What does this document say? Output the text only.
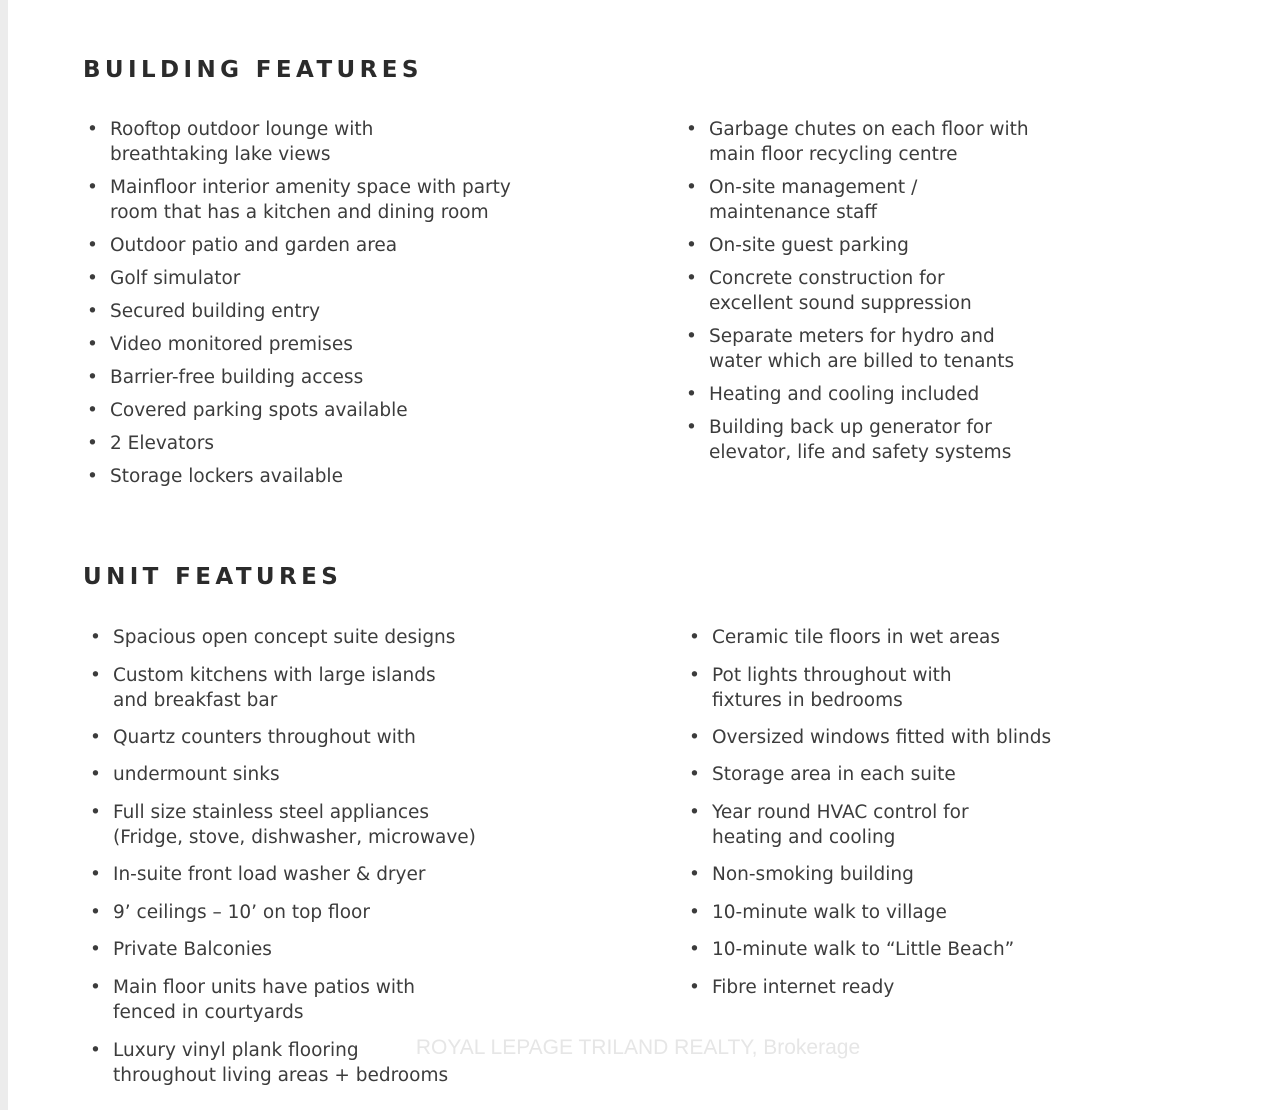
BUILDING FEATURES
• Rooftop outdoor lounge with
breathtaking lake views
• Mainfloor interior amenity space with party
room that has a kitchen and dining room
• Outdoor patio and garden area
• Golf simulator
• Secured building entry
• Video monitored premises
• Barrier-free building access
• Covered parking spots available
• 2 Elevators
• Storage lockers available
• Garbage chutes on each floor with
main floor recycling centre
• On-site management /
maintenance staff
• On-site guest parking
• Concrete construction for
excellent sound suppression
• Separate meters for hydro and
water which are billed to tenants
• Heating and cooling included
• Building back up generator for
elevator, life and safety systems
UNIT FEATURES
• Spacious open concept suite designs
• Custom kitchens with large islands
and breakfast bar
• Quartz counters throughout with
• undermount sinks
• Full size stainless steel appliances
(Fridge, stove, dishwasher, microwave)
• In-suite front load washer & dryer
• 9’ ceilings – 10’ on top floor
• Private Balconies
• Main floor units have patios with
fenced in courtyards
• Luxury vinyl plank flooring
throughout living areas + bedrooms
• Ceramic tile floors in wet areas
• Pot lights throughout with
fixtures in bedrooms
• Oversized windows fitted with blinds
• Storage area in each suite
• Year round HVAC control for
heating and cooling
• Non-smoking building
• 10-minute walk to village
• 10-minute walk to “Little Beach”
• Fibre internet ready
ROYAL LEPAGE TRILAND REALTY, Brokerage
